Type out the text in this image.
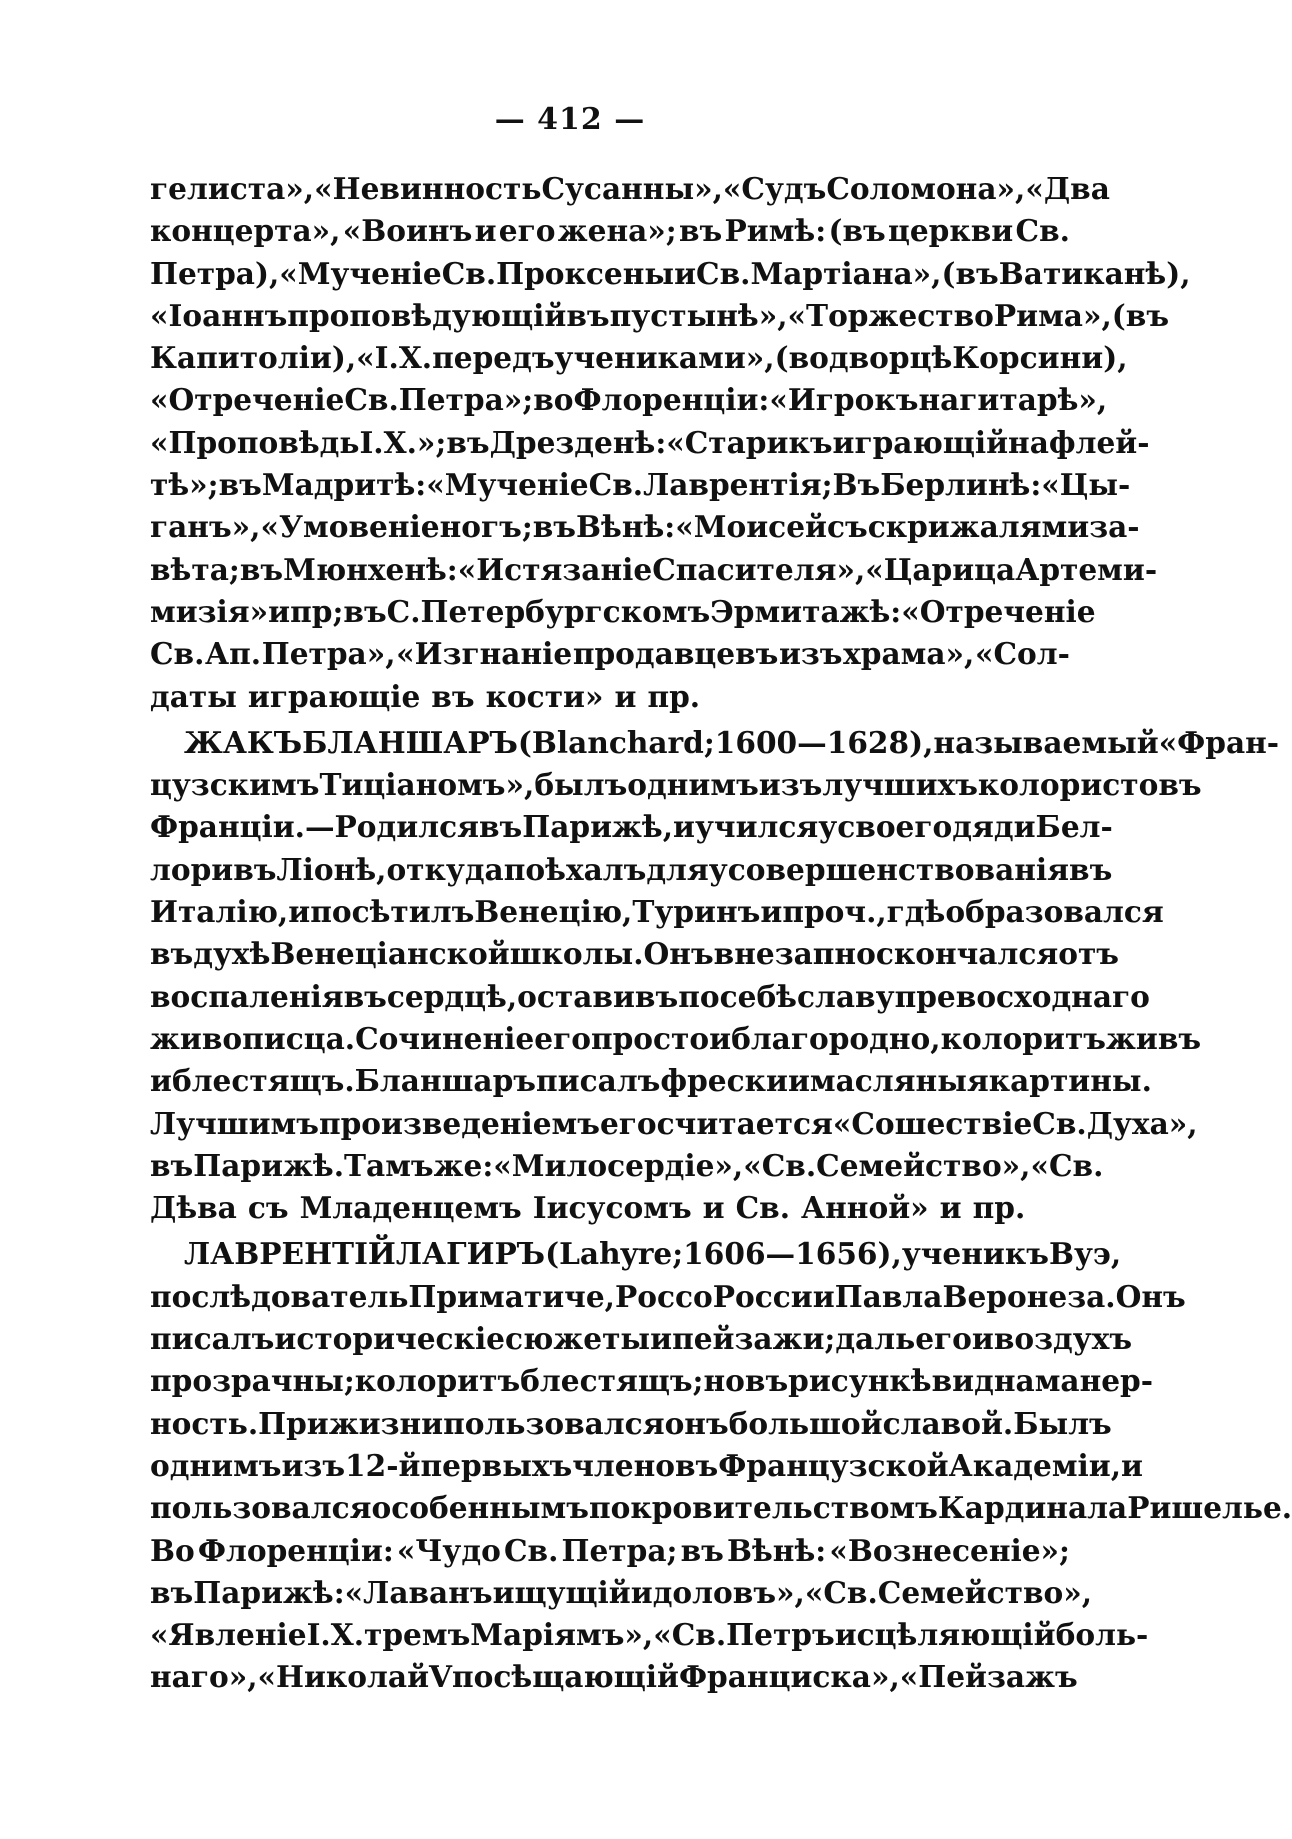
— 412 —
гелиста», «Невинность Сусанны», «Судъ Соломона», «Два
концерта», «Воинъ и его жена»; въ Римѣ: (въ церкви Св.
Петра), «Мученіе Св. Проксены и Св. Мартіана», (въ Ватиканѣ),
«Іоаннъ проповѣдующій въ пустынѣ», «Торжество Рима», (въ
Капитоліи), «І. Х. передъ учениками», (во дворцѣ Корсини),
«Отреченіе Св. Петра»; во Флоренціи: «Игрокъ на гитарѣ»,
«Проповѣдь І. Х.»; въ Дрезденѣ: «Старикъ играющій на флей-
тѣ»; въ Мадритѣ: «Мученіе Св. Лаврентія; Въ Берлинѣ: «Цы-
ганъ», «Умовеніе ногъ; въ Вѣнѣ: «Моисей съ скрижалями за-
вѣта; въ Мюнхенѣ: «Истязаніе Спасителя», «Царица Артеми-
мизія» и пр ; въ С. Петербургскомъ Эрмитажѣ: «Отреченіе
Св. Ап. Петра», «Изгнаніе продавцевъ изъ храма», «Сол-
даты играющіе въ кости» и пр.
ЖАКЪ БЛАНШАРЪ (Blanchard; 1600—1628), называемый «Фран-
цузскимъ Тиціаномъ», былъ однимъ изъ лучшихъ колористовъ
Франціи.—Родился въ Парижѣ, и учился у своего дяди Бел-
лори въ Ліонѣ, откуда поѣхалъ для усовершенствованія въ
Италію, и посѣтилъ Венецію, Туринъ и проч., гдѣ образовался
въ духѣ Венеціанской школы. Онъ внезапно скончался отъ
воспаленія въ сердцѣ, оставивъ по себѣ славу превосходнаго
живописца. Сочиненіе его просто и благородно, колоритъ живъ
и блестящъ. Бланшаръ писалъ фрески и масляныя картины.
Лучшимъ произведеніемъ его считается «Сошествіе Св. Духа»,
въ Парижѣ. Тамъ же: «Милосердіе», «Св. Семейство», «Св.
Дѣва съ Младенцемъ Іисусомъ и Св. Анной» и пр.
ЛАВРЕНТІЙ ЛАГИРЪ (Lahyre; 1606—1656), ученикъ Вуэ,
послѣдователь Приматиче, Россо Росси и Павла Веронеза. Онъ
писалъ историческіе сюжеты и пейзажи; даль его и воздухъ
прозрачны; колоритъ блестящъ; но въ рисункѣ видна манер-
ность. При жизни пользовался онъ большой славой. Былъ
однимъ изъ 12-й первыхъ членовъ Французской Академіи, и
пользовался особеннымъ покровительствомъ Кардинала Ришелье.
Во Флоренціи: «Чудо Св. Петра; въ Вѣнѣ: «Вознесеніе»;
въ Парижѣ: «Лаванъ ищущій идоловъ», «Св. Семейство»,
«Явленіе І. Х. тремъ Маріямъ», «Св. Петръ исцѣляющій боль-
наго», «Николай V посѣщающій Франциска», «Пейзажъ
